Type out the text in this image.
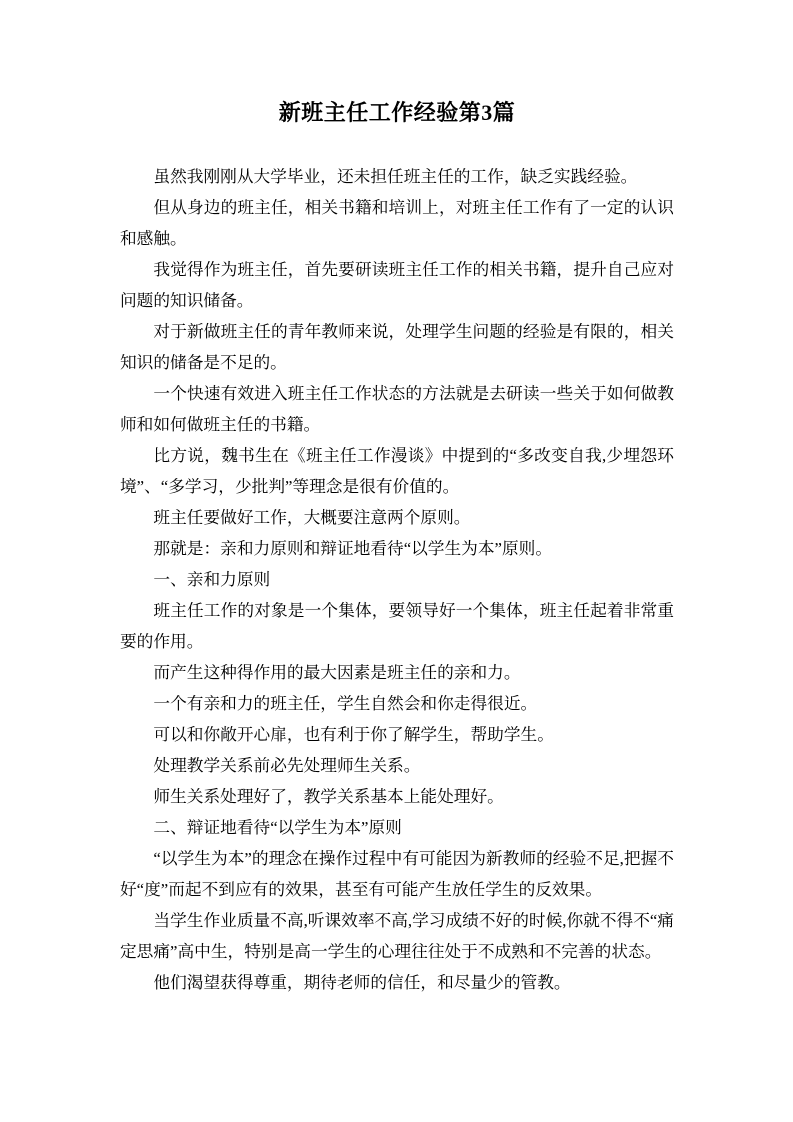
新班主任工作经验第3篇

虽然我刚刚从大学毕业，还未担任班主任的工作，缺乏实践经验。

但从身边的班主任，相关书籍和培训上，对班主任工作有了一定的认识和感触。

我觉得作为班主任，首先要研读班主任工作的相关书籍，提升自己应对问题的知识储备。

对于新做班主任的青年教师来说，处理学生问题的经验是有限的，相关知识的储备是不足的。

一个快速有效进入班主任工作状态的方法就是去研读一些关于如何做教师和如何做班主任的书籍。

比方说，魏书生在《班主任工作漫谈》中提到的“多改变自我,少埋怨环境”、“多学习，少批判”等理念是很有价值的。

班主任要做好工作，大概要注意两个原则。

那就是：亲和力原则和辩证地看待“以学生为本”原则。

一、亲和力原则

班主任工作的对象是一个集体，要领导好一个集体，班主任起着非常重要的作用。

而产生这种得作用的最大因素是班主任的亲和力。

一个有亲和力的班主任，学生自然会和你走得很近。

可以和你敞开心扉，也有利于你了解学生，帮助学生。

处理教学关系前必先处理师生关系。

师生关系处理好了，教学关系基本上能处理好。

二、辩证地看待“以学生为本”原则

“以学生为本”的理念在操作过程中有可能因为新教师的经验不足,把握不好“度”而起不到应有的效果，甚至有可能产生放任学生的反效果。

当学生作业质量不高,听课效率不高,学习成绩不好的时候,你就不得不“痛定思痛”高中生，特别是高一学生的心理往往处于不成熟和不完善的状态。

他们渴望获得尊重，期待老师的信任，和尽量少的管教。
